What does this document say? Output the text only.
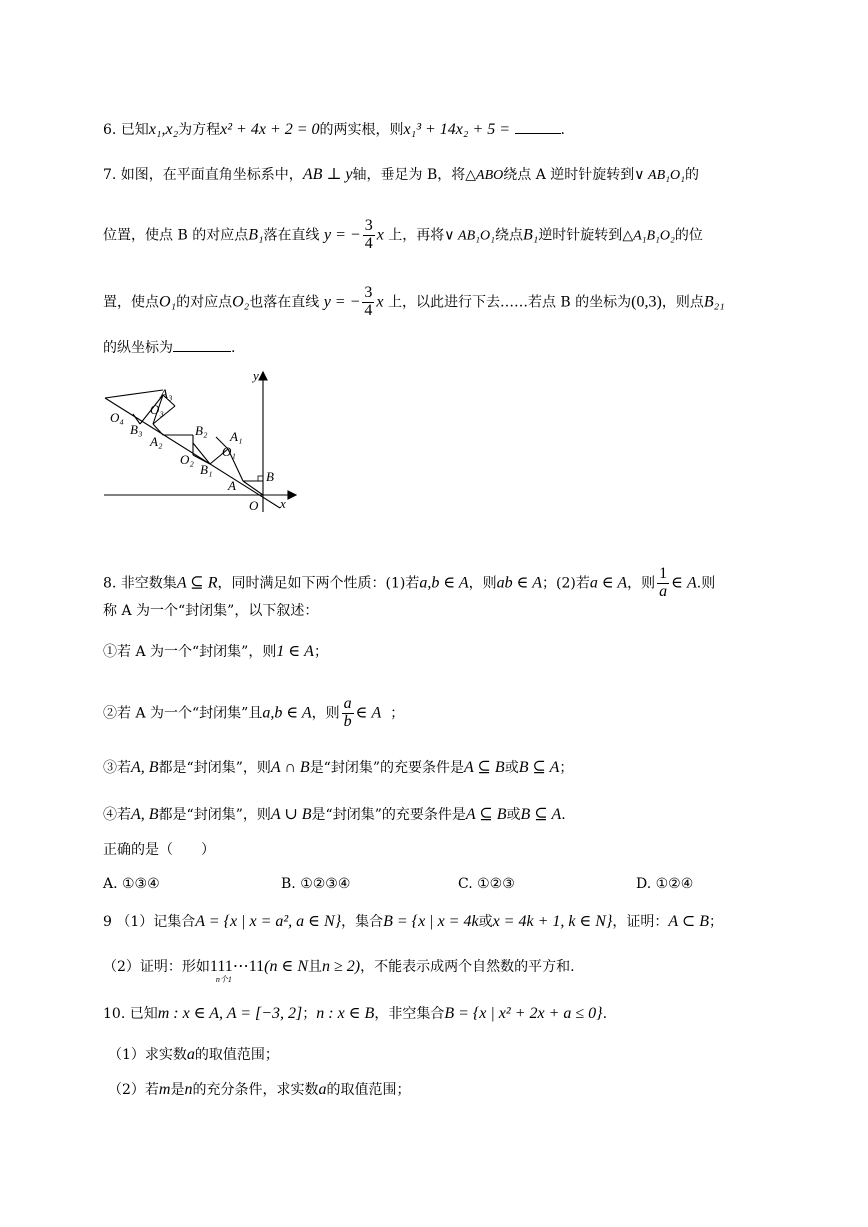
6. 已知x₁,x₂为方程x² + 4x + 2 = 0的两实根，则x₁³ + 14x₂ + 5 =	.
7. 如图，在平面直角坐标系中，AB ⊥ y轴，垂足为 B，将△ABO绕点 A 逆时针旋转到∨ AB₁O₁的
位置，使点 B 的对应点B₁落在直线 y = − $\frac{3}{4}$ x 上，再将∨ AB₁O₁绕点B₁逆时针旋转到△A₁B₁O₂的位
置，使点O₁的对应点O₂也落在直线 y = − $\frac{3}{4}$ x 上，以此进行下去……若点 B 的坐标为(0,3)，则点B₂₁
的纵坐标为	.
y
x
O
A
B
A₁
O₁
B₁
O₂
A₂
B₂
O₃
A₃
B₃
O₄
8. 非空数集A ⊆ R，同时满足如下两个性质：(1)若a,b ∈ A，则ab ∈ A；(2)若a ∈ A，则 $\frac{1}{a}$ ∈ A.则
称 A 为一个“封闭集”，以下叙述：
①若 A 为一个“封闭集”，则1 ∈ A；
②若 A 为一个“封闭集”且a,b ∈ A，则 $\frac{a}{b}$ ∈ A ；
③若A, B都是“封闭集”，则A ∩ B是“封闭集”的充要条件是A ⊆ B或B ⊆ A；
④若A, B都是“封闭集”，则A ∪ B是“封闭集”的充要条件是A ⊆ B或B ⊆ A.
正确的是（　　）
A. ①③④	B. ①②③④	C. ①②③	D. ①②④
9 （1）记集合A = {x | x = a², a ∈ N}，集合B = {x | x = 4k或x = 4k + 1, k ∈ N}，证明：A ⊂ B；
（2）证明：形如111⋯11
n个1
(n ∈ N且n ≥ 2)，不能表示成两个自然数的平方和.
10. 已知m : x ∈ A, A = [−3, 2]；n : x ∈ B，非空集合B = {x | x² + 2x + a ≤ 0}.
（1）求实数a的取值范围；
（2）若m是n的充分条件，求实数a的取值范围；
